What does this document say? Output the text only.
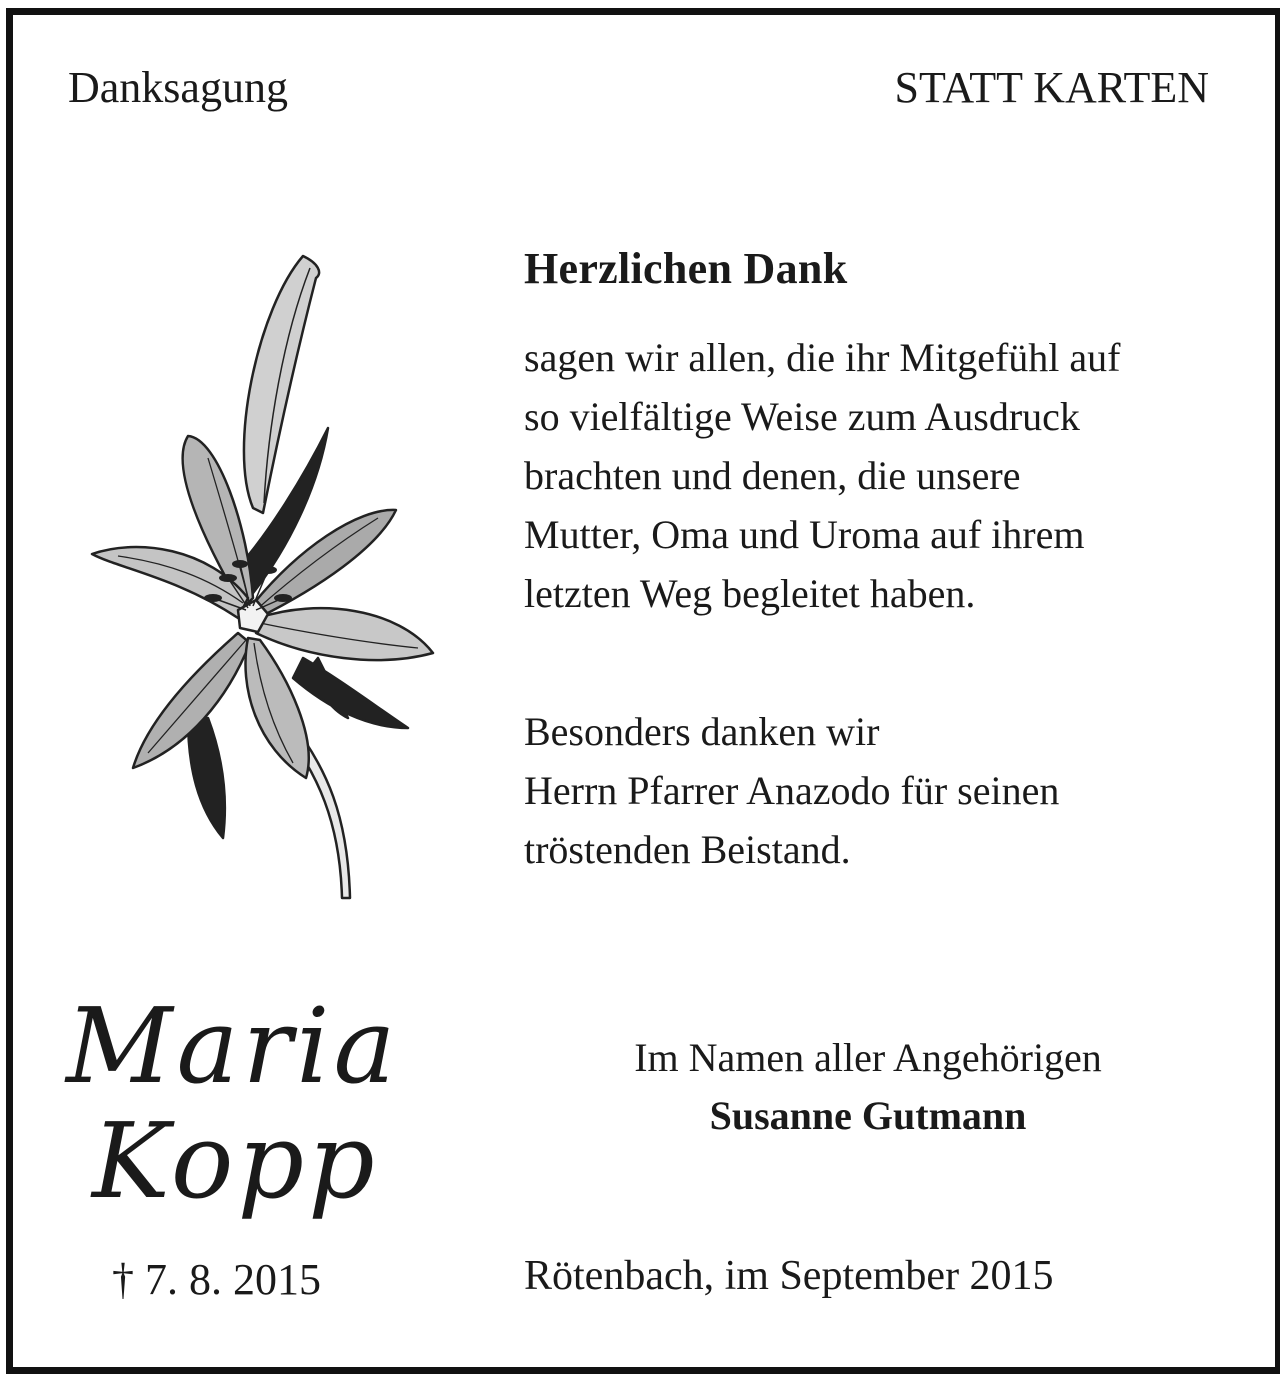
Danksagung	STATT KARTEN
Herzlichen Dank
sagen wir allen, die ihr Mitgefühl auf
so vielfältige Weise zum Ausdruck
brachten und denen, die unsere
Mutter, Oma und Uroma auf ihrem
letzten Weg begleitet haben.
Besonders danken wir
Herrn Pfarrer Anazodo für seinen
tröstenden Beistand.
Maria
Kopp
† 7. 8. 2015
Im Namen aller Angehörigen
Susanne Gutmann
Rötenbach, im September 2015
